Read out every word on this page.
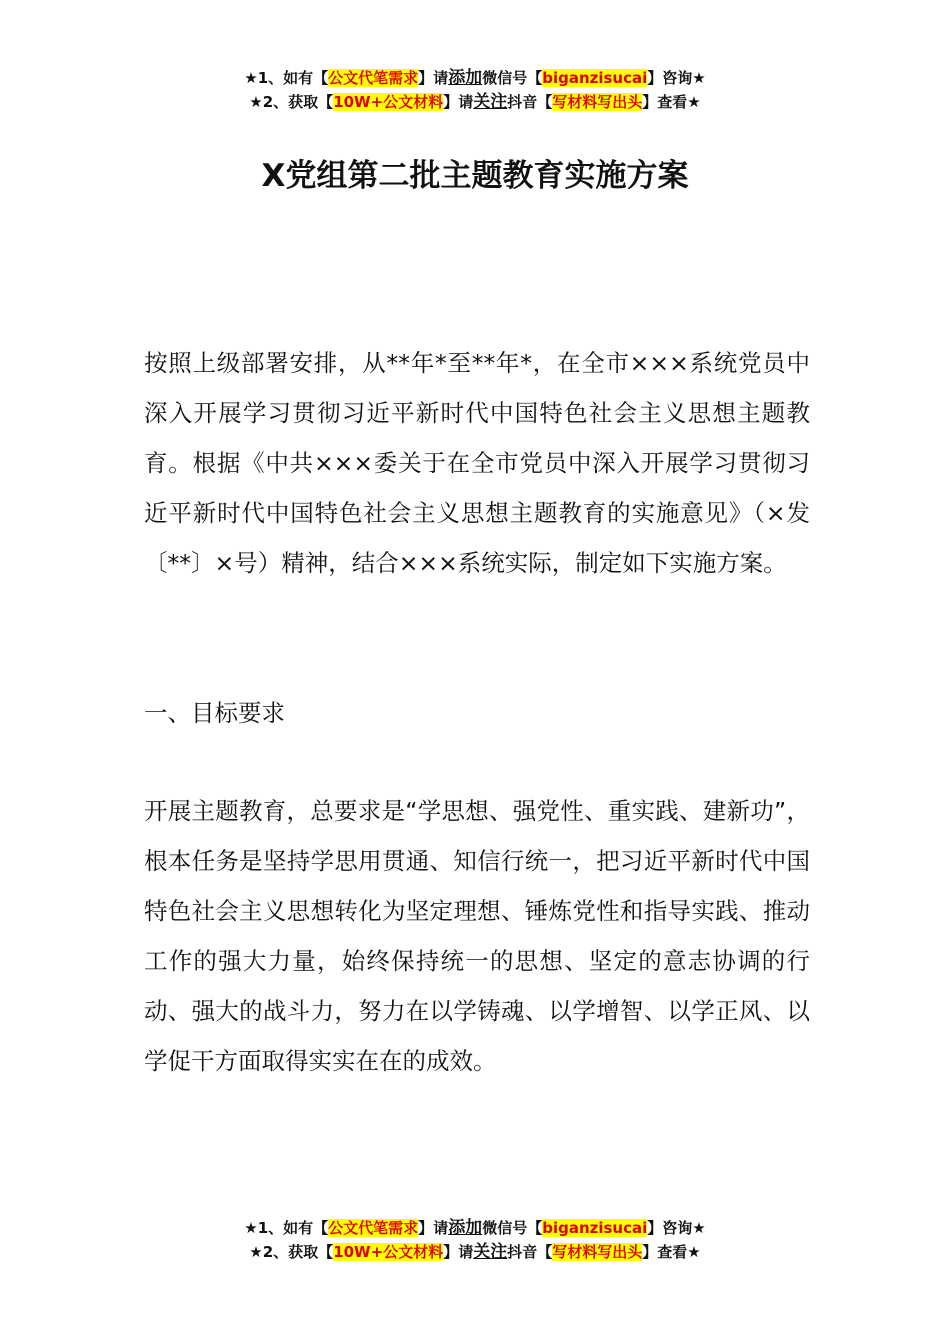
★1、如有【公文代笔需求】请添加微信号【biganzisucai】咨询★
★2、获取【10W+公文材料】请关注抖音【写材料写出头】查看★
X党组第二批主题教育实施方案

按照上级部署安排，从**年*至**年*，在全市×××系统党员中深入开展学习贯彻习近平新时代中国特色社会主义思想主题教育。根据《中共×××委关于在全市党员中深入开展学习贯彻习近平新时代中国特色社会主义思想主题教育的实施意见》（×发〔**〕×号）精神，结合×××系统实际，制定如下实施方案。

一、目标要求

开展主题教育，总要求是“学思想、强党性、重实践、建新功”，根本任务是坚持学思用贯通、知信行统一，把习近平新时代中国特色社会主义思想转化为坚定理想、锤炼党性和指导实践、推动工作的强大力量，始终保持统一的思想、坚定的意志协调的行动、强大的战斗力，努力在以学铸魂、以学增智、以学正风、以学促干方面取得实实在在的成效。

★1、如有【公文代笔需求】请添加微信号【biganzisucai】咨询★
★2、获取【10W+公文材料】请关注抖音【写材料写出头】查看★
